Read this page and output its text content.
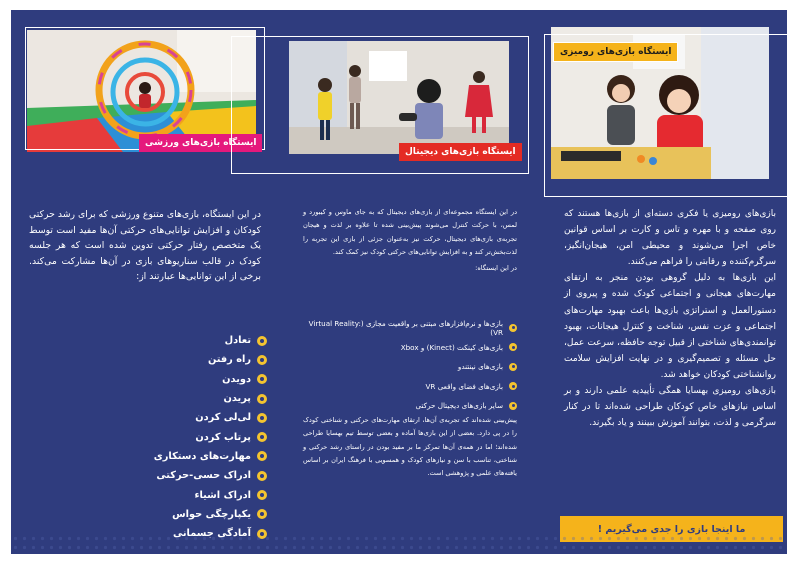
ایستگاه بازی‌های ورزشی
ایستگاه بازی‌های دیجیتال
ایستگاه بازی‌های رومیزی

در این ایستگاه، بازی‌های متنوع ورزشی که برای رشد حرکتی کودکان و افزایش توانایی‌های حرکتی آن‌ها مفید است توسط یک متخصص رفتار حرکتی تدوین شده است که هر جلسه کودک در قالب سناریوهای بازی در آن‌ها مشارکت می‌کند. برخی از این توانایی‌ها عبارتند از:

تعادل
راه رفتن
دویدن
پریدن
لی‌لی کردن
پرتاب کردن
مهارت‌های دستکاری
ادراک حسی-حرکتی
ادراک اشیاء
یکپارچگی حواس
آمادگی جسمانی

در این ایستگاه مجموعه‌ای از بازی‌های دیجیتال که به جای ماوس و کیبورد و لمس، با حرکت کنترل می‌شوند پیش‌بینی شده تا علاوه بر لذت و هیجان تجربه‌ی بازی‌های دیجیتال، حرکت نیز به‌عنوان جزئی از بازی این تجربه را لذت‌بخش‌تر کند و به افزایش توانایی‌های حرکتی کودک نیز کمک کند.

در این ایستگاه:

بازی‌ها و نرم‌افزارهای مبتنی بر واقعیت مجازی (Virtual Reality: VR)
بازی‌های کینکت (Kinect) و Xbox
بازی‌های نینتندو
بازی‌های فضای واقعی VR
سایر بازی‌های دیجیتال حرکتی

پیش‌بینی شده‌اند که تجربه‌ی آن‌ها، ارتقای مهارت‌های حرکتی و شناختی کودک را در پی دارد. بعضی از این بازی‌ها آماده و بعضی توسط تیم بهسایا طراحی شده‌اند؛ اما در همه‌ی آن‌ها تمرکز ما بر مفید بودن در راستای رشد حرکتی و شناختی، تناسب با سن و نیازهای کودک و همسویی با فرهنگ ایران بر اساس یافته‌های علمی و پژوهشی است.

بازی‌های رومیزی یا فکری دسته‌ای از بازی‌ها هستند که روی صفحه و با مهره و تاس و کارت بر اساس قوانین خاص اجرا می‌شوند و محیطی امن، هیجان‌انگیز، سرگرم‌کننده و رقابتی را فراهم می‌کنند.

این بازی‌ها به دلیل گروهی بودن منجر به ارتقای مهارت‌های هیجانی و اجتماعی کودک شده و پیروی از دستورالعمل و استراتژی بازی‌ها باعث بهبود مهارت‌های اجتماعی و عزت نفس، شناخت و کنترل هیجانات، بهبود توانمندی‌های شناختی از قبیل توجه حافظه، سرعت عمل، حل مسئله و تصمیم‌گیری و در نهایت افزایش سلامت روانشناختی کودکان خواهد شد.

بازی‌های رومیزی بهسایا همگی تأییدیه علمی دارند و بر اساس نیازهای خاص کودکان طراحی شده‌اند تا در کنار سرگرمی و لذت، بتوانند آموزش ببینند و یاد بگیرند.

ما اینجا بازی را جدی می‌گیریم !
